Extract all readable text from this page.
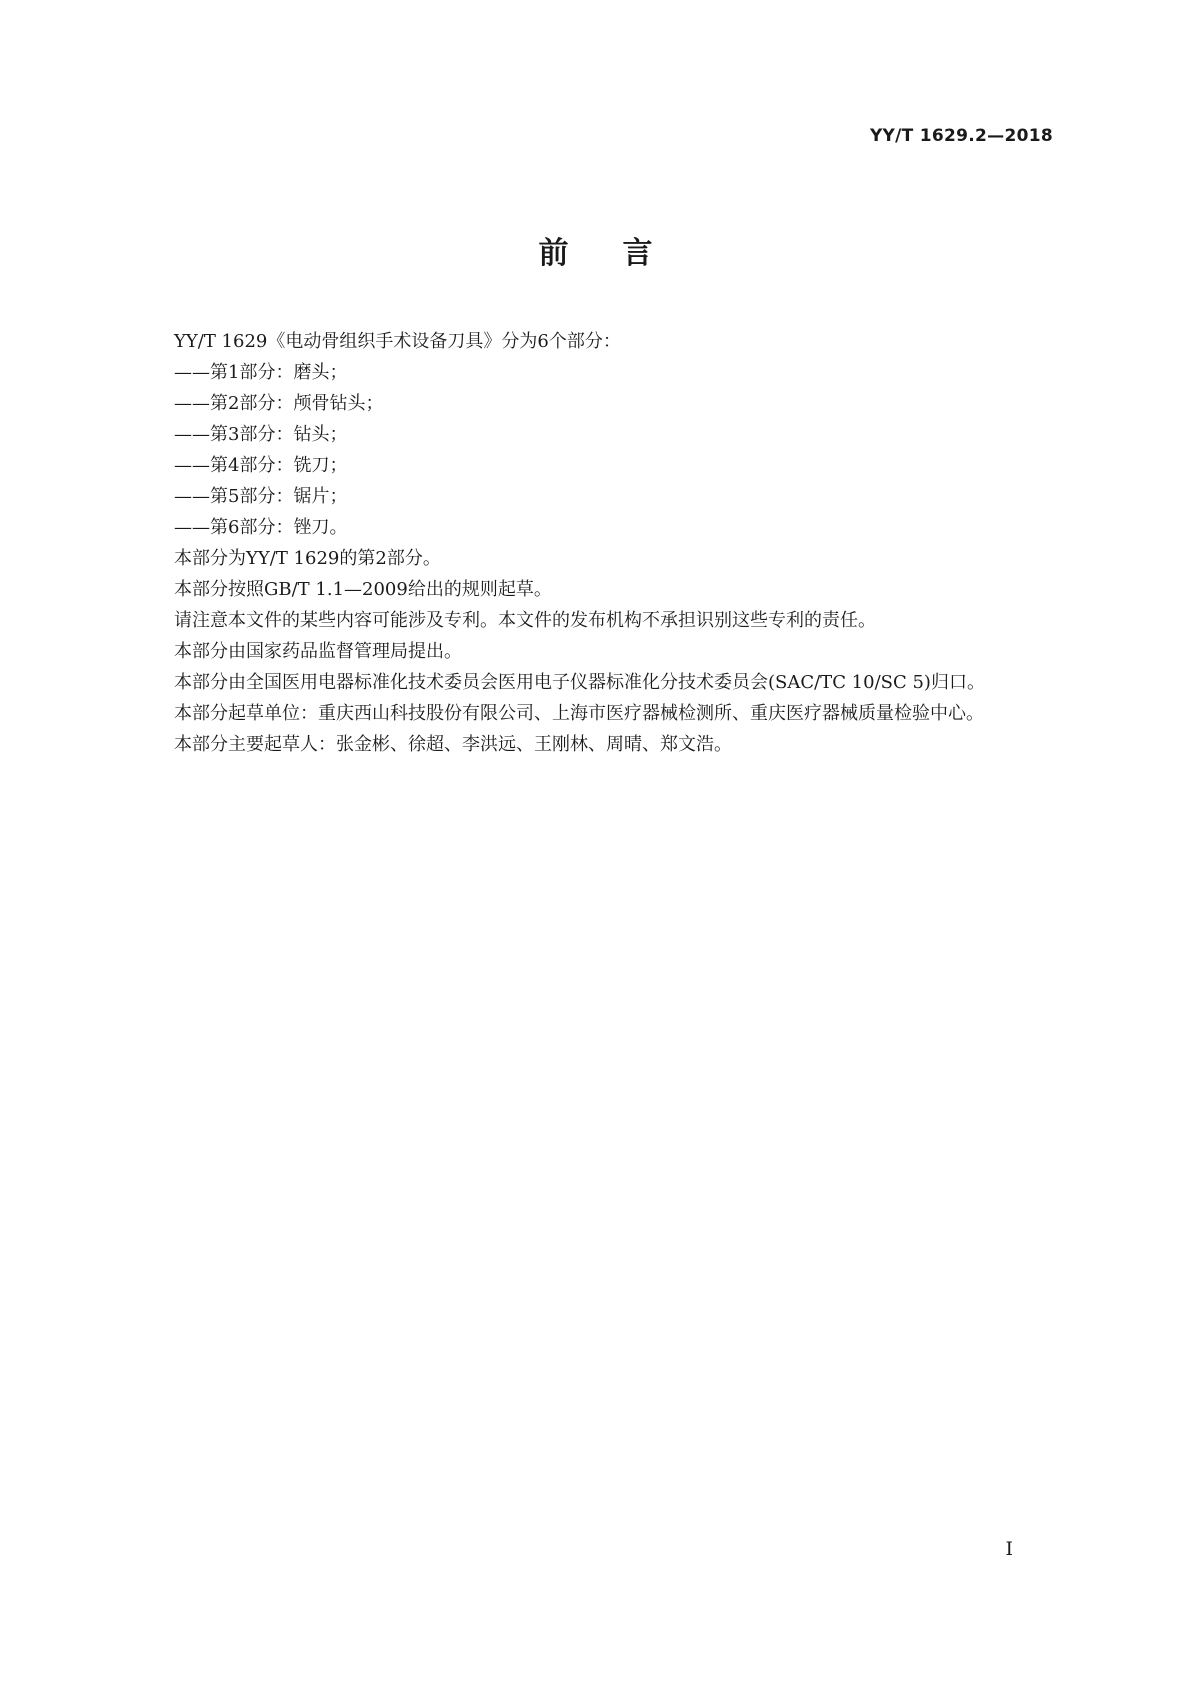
YY/T 1629.2—2018
前言

YY/T 1629《电动骨组织手术设备刀具》分为6个部分：

——第1部分：磨头；

——第2部分：颅骨钻头；

——第3部分：钻头；

——第4部分：铣刀；

——第5部分：锯片；

——第6部分：锉刀。

本部分为YY/T 1629的第2部分。

本部分按照GB/T 1.1—2009给出的规则起草。

请注意本文件的某些内容可能涉及专利。本文件的发布机构不承担识别这些专利的责任。

本部分由国家药品监督管理局提出。

本部分由全国医用电器标准化技术委员会医用电子仪器标准化分技术委员会(SAC/TC 10/SC 5)归口。

本部分起草单位：重庆西山科技股份有限公司、上海市医疗器械检测所、重庆医疗器械质量检验中心。

本部分主要起草人：张金彬、徐超、李洪远、王刚林、周晴、郑文浩。

I
